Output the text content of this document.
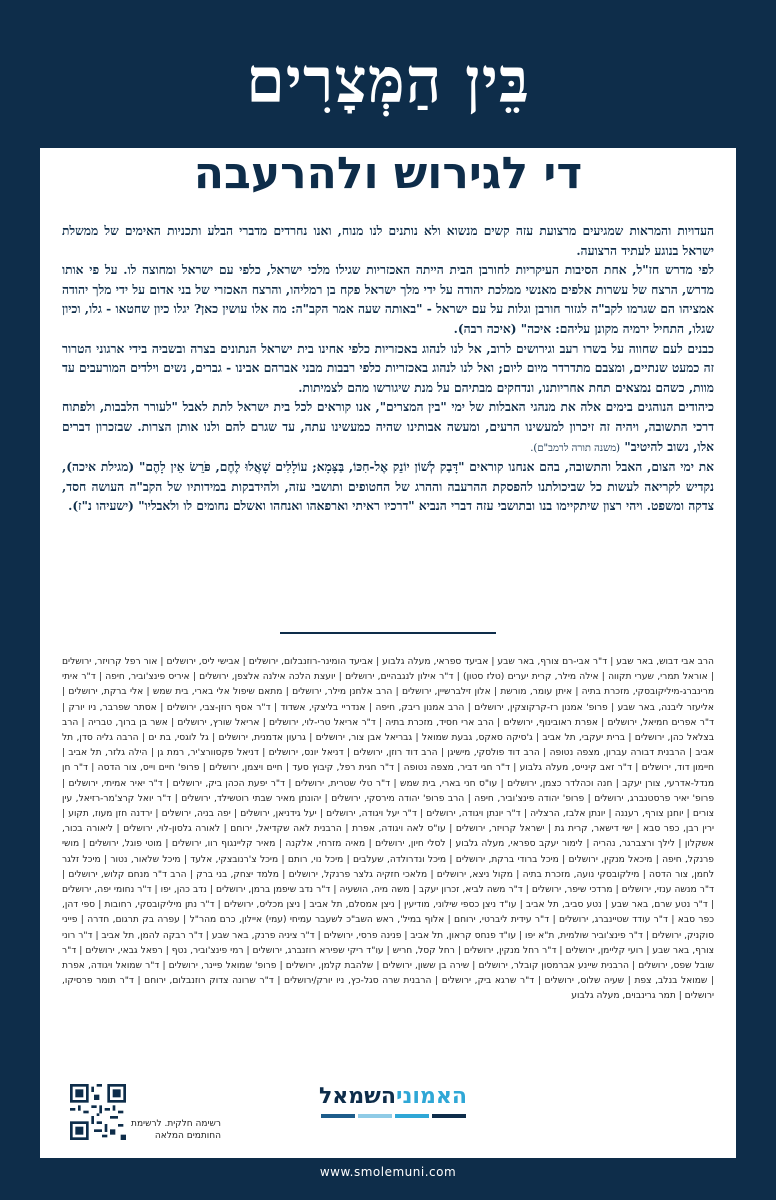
בֵּין הַמְּצָרִים
די לגירוש ולהרעבה

העדויות והמראות שמגיעים מרצועת עזה קשים מנשוא ולא נותנים לנו מנוח, ואנו נחרדים מדברי הבלע ותכניות האימים של ממשלת ישראל בנוגע לעתיד הרצועה.

לפי מדרש חז"ל, אחת הסיבות העיקריות לחורבן הבית הייתה האכזריות שגילו מלכי ישראל, כלפי עם ישראל ומחוצה לו. על פי אותו מדרש, הרצח של עשרות אלפים מאנשי ממלכת יהודה על ידי מלך ישראל פקח בן רמליהו, והרצח האכזרי של בני אדום על ידי מלך יהודה אמציהו הם שגרמו לקב"ה לגזור חורבן וגלות על עם ישראל - "באותה שעה אמר הקב"ה: מה אלו עושין כאן? יגלו כיון שחטאו - גלו, וכיון שגלו, התחיל ירמיה מקונן עליהם: איכה" (איכה רבה).

כבנים לעם שחווה על בשרו רעב וגירושים לרוב, אל לנו לנהוג באכזריות כלפי אחינו בית ישראל הנתונים בצרה ובשביה בידי ארגוני הטרור זה כמעט שנתיים, ומצבם מתדרדר מיום ליום; ואל לנו לנהוג באכזריות כלפי רבבות מבני אברהם אבינו - גברים, נשים וילדים המורעבים עד מוות, כשהם נמצאים תחת אחריותנו, ונדחקים מבתיהם על מנת שיגורשו מהם לצמיתות.

כיהודים הנוהגים בימים אלה את מנהגי האבלות של ימי "בין המצרים", אנו קוראים לכל בית ישראל לתת לאבל "לעורר הלבבות, ולפתוח דרכי התשובה, ויהיה זה זיכרון למעשינו הרעים, ומעשה אבותינו שהיה כמעשינו עתה, עד שגרם להם ולנו אותן הצרות. שבזכרון דברים אלו, נשוב להיטיב" (משנה תורה לרמב"ם).

את ימי הצום, האבל והתשובה, בהם אנחנו קוראים "דָּבַק לְשׁוֹן יוֹנֵק אֶל-חִכּוֹ, בַּצָּמָא; עוֹלָלִים שָׁאֲלוּ לֶחֶם, פֹּרֵשׂ אֵין לָהֶם" (מגילת איכה), נקדיש לקריאה לעשות כל שביכולתנו להפסקת ההרעבה וההרג של החטופים ותושבי עזה, ולהידבקות במידותיו של הקב"ה העושה חסד, צדקה ומשפט. ויהי רצון שיתקיימו בנו ובתושבי עזה דברי הנביא "דרכיו ראיתי וארפאהו ואנחהו ואשלם נחומים לו ולאבליו" (ישעיהו נ"ז).

הרב אבי דבוש, באר שבע | ד"ר אבי-רם צורף, באר שבע | אביעד ספראי, מעלה גלבוע | אביעד הומינר-רוזנבלום, ירושלים | אבישי ליס, ירושלים | אור רפל קרויזר, ירושלים | אוראל תמרי, שערי תקווה | אילה מילר, קרית יערים (טלז סטון) | ד"ר אילון לנגבהיים, ירושלים | יועצת הלכה אילנה אלצפן, ירושלים | איריס פינצ'וביר, חיפה | ד"ר איתי מרינברג-מיליקובסקי, מזכרת בתיה | איתן עומר, מורשת | אלון זילברשיין, ירושלים | הרב אלחנן מילר, ירושלים | מתאם שיפול אלי בארי, בית שמש | אלי ברקת, ירושלים | אליעזר ליבנה, באר שבע | פרופ' אמנון רז-קרקוצקין, ירושלים | הרב אמנון ריבק, חיפה | אנדריי בליצקי, אשדוד | ד"ר אסף רוזן-צבי, ירושלים | אסתר שפרבר, ניו יורק | ד"ר אפרים חמיאל, ירושלים | אפרת ראובינוף, ירושלים | הרב ארי חסיד, מזכרת בתיה | ד"ר אריאל טרי-לוי, ירושלים | אריאל שורץ, ירושלים | אשר בן ברוך, טבריה | הרב בצלאל כהן, ירושלים | ברית יעקבי, תל אביב | ג'סיקה סאקס, גבעת שמואל | גבריאל אבן צור, ירושלים | גרעון אדמנית, ירושלים | גל לוגסי, בת ים | הרבה גליה סדן, תל אביב | הרבנית דבורה עברון, מצפה נטופה | הרב דוד פולסקי, מישיגן | הרב דוד רוזן, ירושלים | דניאל יונס, ירושלים | דניאל פקסוורצ'יר, רמת גן | הילה גלזר, תל אביב | חיימון דוד, ירושלים | ד"ר זאב קינייס, מעלה גלבוע | ד"ר חגי דביר, מצפה נטופה | ד"ר חגית רפל, קיבוץ סעד | חיים ויצמן, ירושלים | פרופ' חיים וייס, צור הדסה | ד"ר חן מנדל-אדרעי, צורן יעקב | חנה וכהלדר כצמן, ירושלים | עו"ס חני בארי, בית שמש | ד"ר טלי שטרית, ירושלים | ד"ר יפעת הכהן ביק, ירושלים | ד"ר יאיר אמיתי, ירושלים | פרופ' יאיר פרסטנברג, ירושלים | פרופ' יהודה פינצ'וביר, חיפה | הרב פרופ' יהודה מירסקי, ירושלים | יהונתן מאיר שבתי רוטשילד, ירושלים | ד"ר יואל קרצ'מר-רזיאל, עין צורים | יוחנן צורף, רעננה | יונתן אלבז, הרצליה | ד"ר יונתן ויגודה, ירושלים | ד"ר יעל ויגודה, ירושלים | יעל גידניאן, ירושלים | יפה בניה, ירושלים | ירדנה חזן מעוז, תקוע | ירין רבן, כפר סבא | ישי דישאר, קרית גת | ישראל קרויזר, ירושלים | עו"ס לאה ויגודה, אפרת | הרבנית לאה שקדיאל, ירוחם | לאורה גלסון-לוי, ירושלים | ליאורה בכור, אשקלון | לילך ורצברגר, נהריה | לימור יעקב ספראי, מעלה גלבוע | לסלי חיון, ירושלים | מאיה מזרחי, אלקנה | מאיר קליינגוף רוו, ירושלים | מוטי פוגל, ירושלים | מושי פרנקל, חיפה | מיכאל מנקין, ירושלים | מיכל ברודי ברקת, ירושלים | מיכל ונדרולדה, שעלבים | מיכל נוי, רותם | מיכל צ'רנובצקי, אלעד | מיכל שלאור, נטור | מיכל זלגר לחמן, צור הדסה | מילקובסקי נועה, מזכרת בתיה | מקול ניצא, ירושלים | מלאכי חזקיה גלצר פרנקל, ירושלים | מלמד יצחק, בני ברק | הרב ד"ר מנחם קלוש, ירושלים | ד"ר מנשה ענזי, ירושלים | מרדכי שיפר, ירושלים | ד"ר משה לביא, זכרון יעקב | משה מיה, הושעיה | ד"ר נדב שיפמן ברמן, ירושלים | נדב כהן, יפו | ד"ר נחומי יפה, ירושלים | ד"ר נטע שרם, באר שבע | נטע סביב, תל אביב | עו"ד ניצן כספי שילוני, מודיעין | ניצן אמסלם, תל אביב | ניצן מכליס, ירושלים | ד"ר נתן מיליקובסקי, רחובות | ספי דהן, כפר סבא | ד"ר עודד שטיינברג, ירושלים | ד"ר עידית ליברטי, ירוחם | אלוף במיל', ראש השב"כ לשעבר עמיחי (עמי) איילון, כרם מהר"ל | עפרה בק תרגום, חדרה | פייני סוקניק, ירושלים | ד"ר פינצ'וביר שולמית, ת"א יפו | עו"ד פנחס קראון, תל אביב | פנינה פרסי, ירושלים | ד"ר ציניה פרנק, באר שבע | ד"ר רבקה להמן, תל אביב | ד"ר רוני צורף, באר שבע | רועי קליימן, ירושלים | ד"ר רחל מנקין, ירושלים | רחל קסל, חריש | עו"ד ריקי שפירא רוזנברג, ירושלים | רמי פינצ'וביר, נטף | רפאל גבאי, ירושלים | ד"ר שובל שפס, ירושלים | הרבנית שיינע אברמסון קובלר, ירושלים | שירה בן ששון, ירושלים | שלהבת קלמן, ירושלים | פרופ' שמואל פיינר, ירושלים | ד"ר שמואל ויגודה, אפרת | שמואל בנלב, צפת | שעיה שלוס, ירושלים | ד"ר שרגא ביק, ירושלים | הרבנית שרה סגל-כץ, ניו יורק/ירושלים | ד"ר שרונה צדוק רוזנבלום, ירוחם | ד"ר תומר פרסיקו, ירושלים | תמר גרינבוים, מעלה גלבוע
האמוניהשמאל
רשימה חלקית. לרשימת החותמים המלאה
www.smolemuni.com
